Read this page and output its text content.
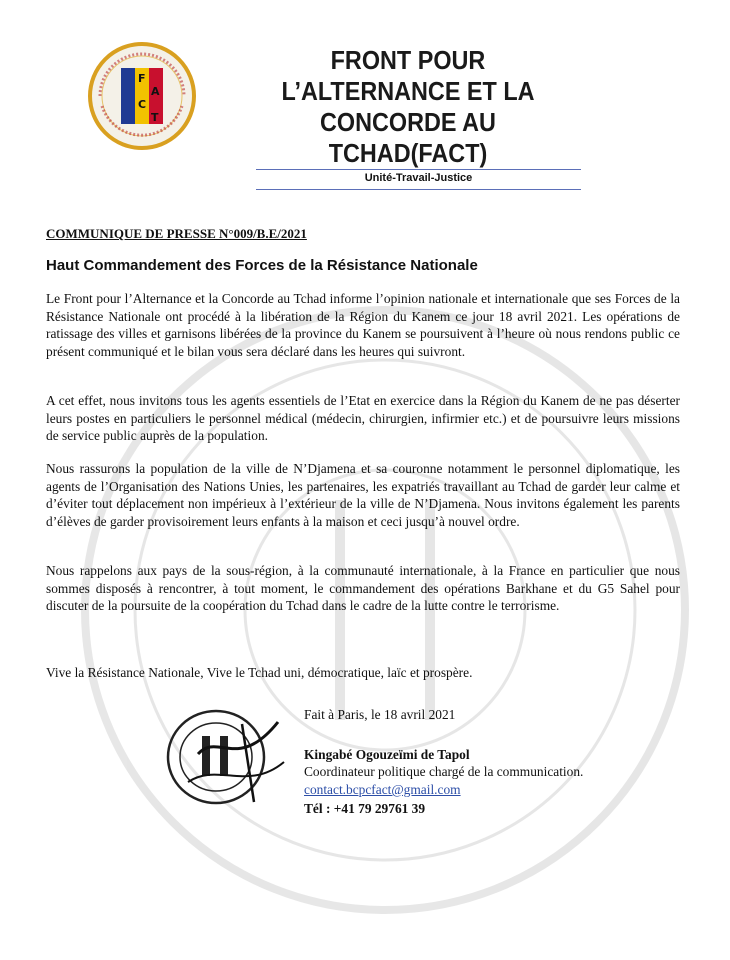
F
A
C
T
FRONT POUR
L’ALTERNANCE ET LA
CONCORDE AU
TCHAD(FACT)
Unité-Travail-Justice
COMMUNIQUE DE PRESSE N°009/B.E/2021
Haut Commandement des Forces de la Résistance Nationale

Le Front pour l’Alternance et la Concorde au Tchad informe l’opinion nationale et internationale que ses Forces de la Résistance Nationale ont procédé à la libération de la Région du Kanem ce jour 18 avril 2021. Les opérations de ratissage des villes et garnisons libérées de la province du Kanem se poursuivent à l’heure où nous rendons public ce présent communiqué et le bilan vous sera déclaré dans les heures qui suivront.

A cet effet, nous invitons tous les agents essentiels de l’Etat en exercice dans la Région du Kanem de ne pas déserter leurs postes en particuliers le personnel médical (médecin, chirurgien, infirmier etc.) et de poursuivre leurs missions de service public auprès de la population.

Nous rassurons la population de la ville de N’Djamena et sa couronne notamment le personnel diplomatique, les agents de l’Organisation des Nations Unies, les partenaires, les expatriés travaillant au Tchad de garder leur calme et d’éviter tout déplacement non impérieux à l’extérieur de la ville de N’Djamena. Nous invitons également les parents d’élèves de garder provisoirement leurs enfants à la maison et ceci jusqu’à nouvel ordre.

Nous rappelons aux pays de la sous-région, à la communauté internationale, à la France en particulier que nous sommes disposés à rencontrer, à tout moment, le commandement des opérations Barkhane et du G5 Sahel pour discuter de la poursuite de la coopération du Tchad dans le cadre de la lutte contre le terrorisme.

Vive la Résistance Nationale, Vive le Tchad uni, démocratique, laïc et prospère.

Fait à Paris, le 18 avril 2021
Kingabé Ogouzeïmi de Tapol
Coordinateur politique chargé de la communication.
contact.bcpcfact@gmail.com
Tél : +41 79 29761 39
